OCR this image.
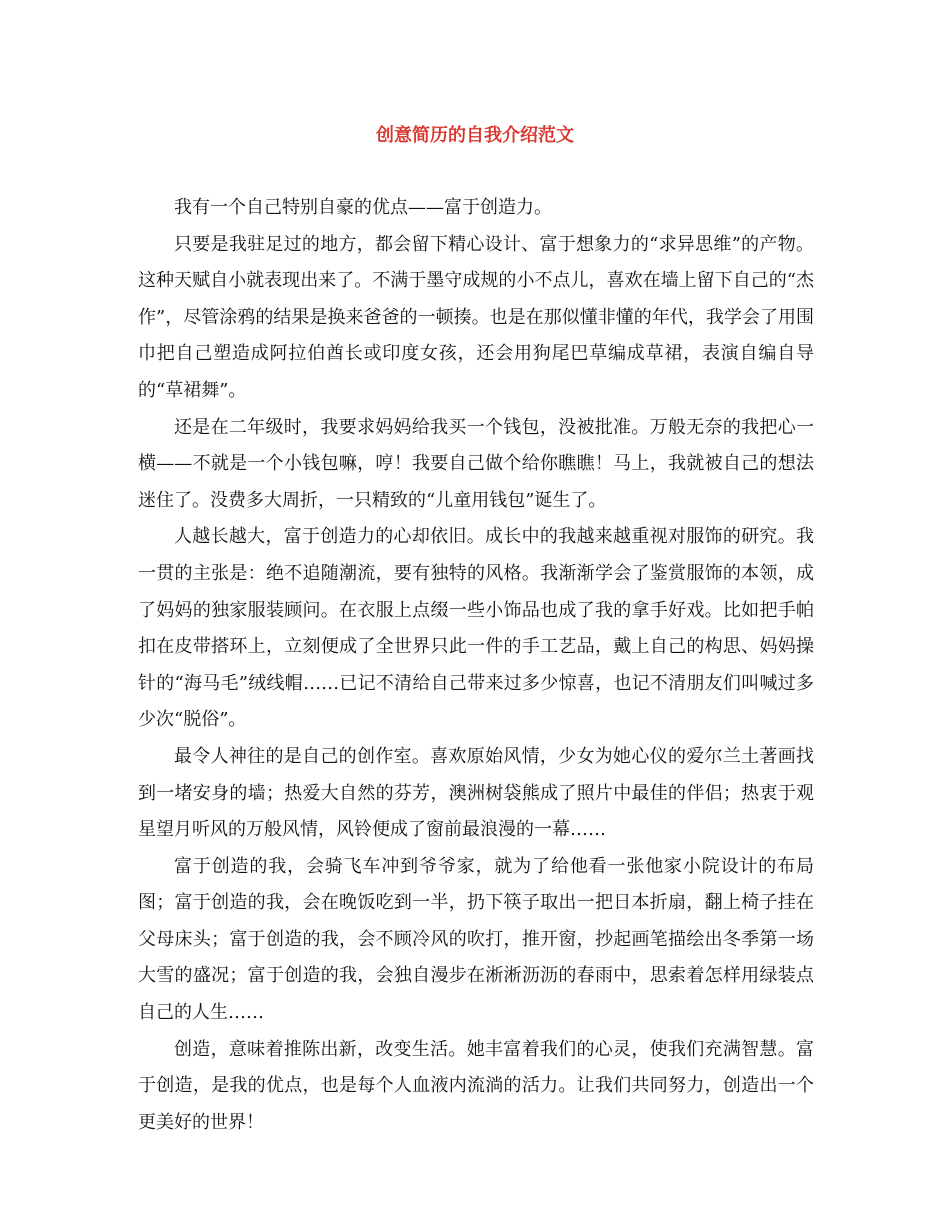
创意简历的自我介绍范文

我有一个自己特别自豪的优点——富于创造力。

只要是我驻足过的地方，都会留下精心设计、富于想象力的“求异思维”的产物。这种天赋自小就表现出来了。不满于墨守成规的小不点儿，喜欢在墙上留下自己的“杰作”，尽管涂鸦的结果是换来爸爸的一顿揍。也是在那似懂非懂的年代，我学会了用围巾把自己塑造成阿拉伯酋长或印度女孩，还会用狗尾巴草编成草裙，表演自编自导的“草裙舞”。

还是在二年级时，我要求妈妈给我买一个钱包，没被批准。万般无奈的我把心一横——不就是一个小钱包嘛，哼！我要自己做个给你瞧瞧！马上，我就被自己的想法迷住了。没费多大周折，一只精致的“儿童用钱包”诞生了。

人越长越大，富于创造力的心却依旧。成长中的我越来越重视对服饰的研究。我一贯的主张是：绝不追随潮流，要有独特的风格。我渐渐学会了鉴赏服饰的本领，成了妈妈的独家服装顾问。在衣服上点缀一些小饰品也成了我的拿手好戏。比如把手帕扣在皮带搭环上，立刻便成了全世界只此一件的手工艺品，戴上自己的构思、妈妈操针的“海马毛”绒线帽……已记不清给自己带来过多少惊喜，也记不清朋友们叫喊过多少次“脱俗”。

最令人神往的是自己的创作室。喜欢原始风情，少女为她心仪的爱尔兰土著画找到一堵安身的墙；热爱大自然的芬芳，澳洲树袋熊成了照片中最佳的伴侣；热衷于观星望月听风的万般风情，风铃便成了窗前最浪漫的一幕……

富于创造的我，会骑飞车冲到爷爷家，就为了给他看一张他家小院设计的布局图；富于创造的我，会在晚饭吃到一半，扔下筷子取出一把日本折扇，翻上椅子挂在父母床头；富于创造的我，会不顾冷风的吹打，推开窗，抄起画笔描绘出冬季第一场大雪的盛况；富于创造的我，会独自漫步在淅淅沥沥的春雨中，思索着怎样用绿装点自己的人生……

创造，意味着推陈出新，改变生活。她丰富着我们的心灵，使我们充满智慧。富于创造，是我的优点，也是每个人血液内流淌的活力。让我们共同努力，创造出一个更美好的世界！
